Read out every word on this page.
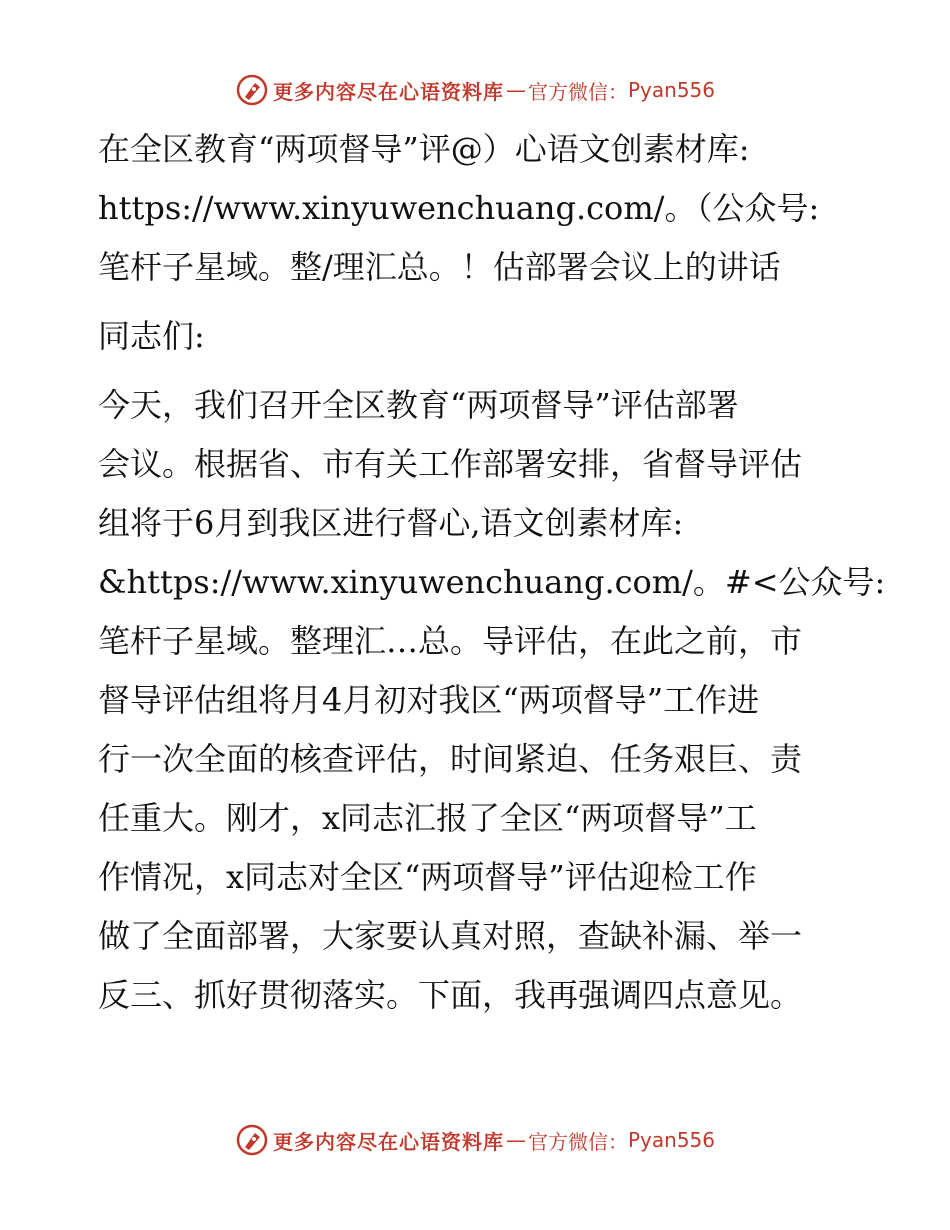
更多内容尽在心语资料库 — 官方微信： Pyan556

在全区教育“两项督导”评@）心语文创素材库:
https://www.xinyuwenchuang.com/。（公众号:
笔杆子星域。整/理汇总。！估部署会议上的讲话

同志们:

今天，我们召开全区教育“两项督导”评估部署
会议。根据省、市有关工作部署安排，省督导评估
组将于6月到我区进行督心,语文创素材库:
&https://www.xinyuwenchuang.com/。#<公众号:
笔杆子星域。整理汇…总。导评估，在此之前，市
督导评估组将月4月初对我区“两项督导”工作进
行一次全面的核查评估，时间紧迫、任务艰巨、责
任重大。刚才，x同志汇报了全区“两项督导”工
作情况，x同志对全区“两项督导”评估迎检工作
做了全面部署，大家要认真对照，查缺补漏、举一
反三、抓好贯彻落实。下面，我再强调四点意见。

更多内容尽在心语资料库 — 官方微信： Pyan556
